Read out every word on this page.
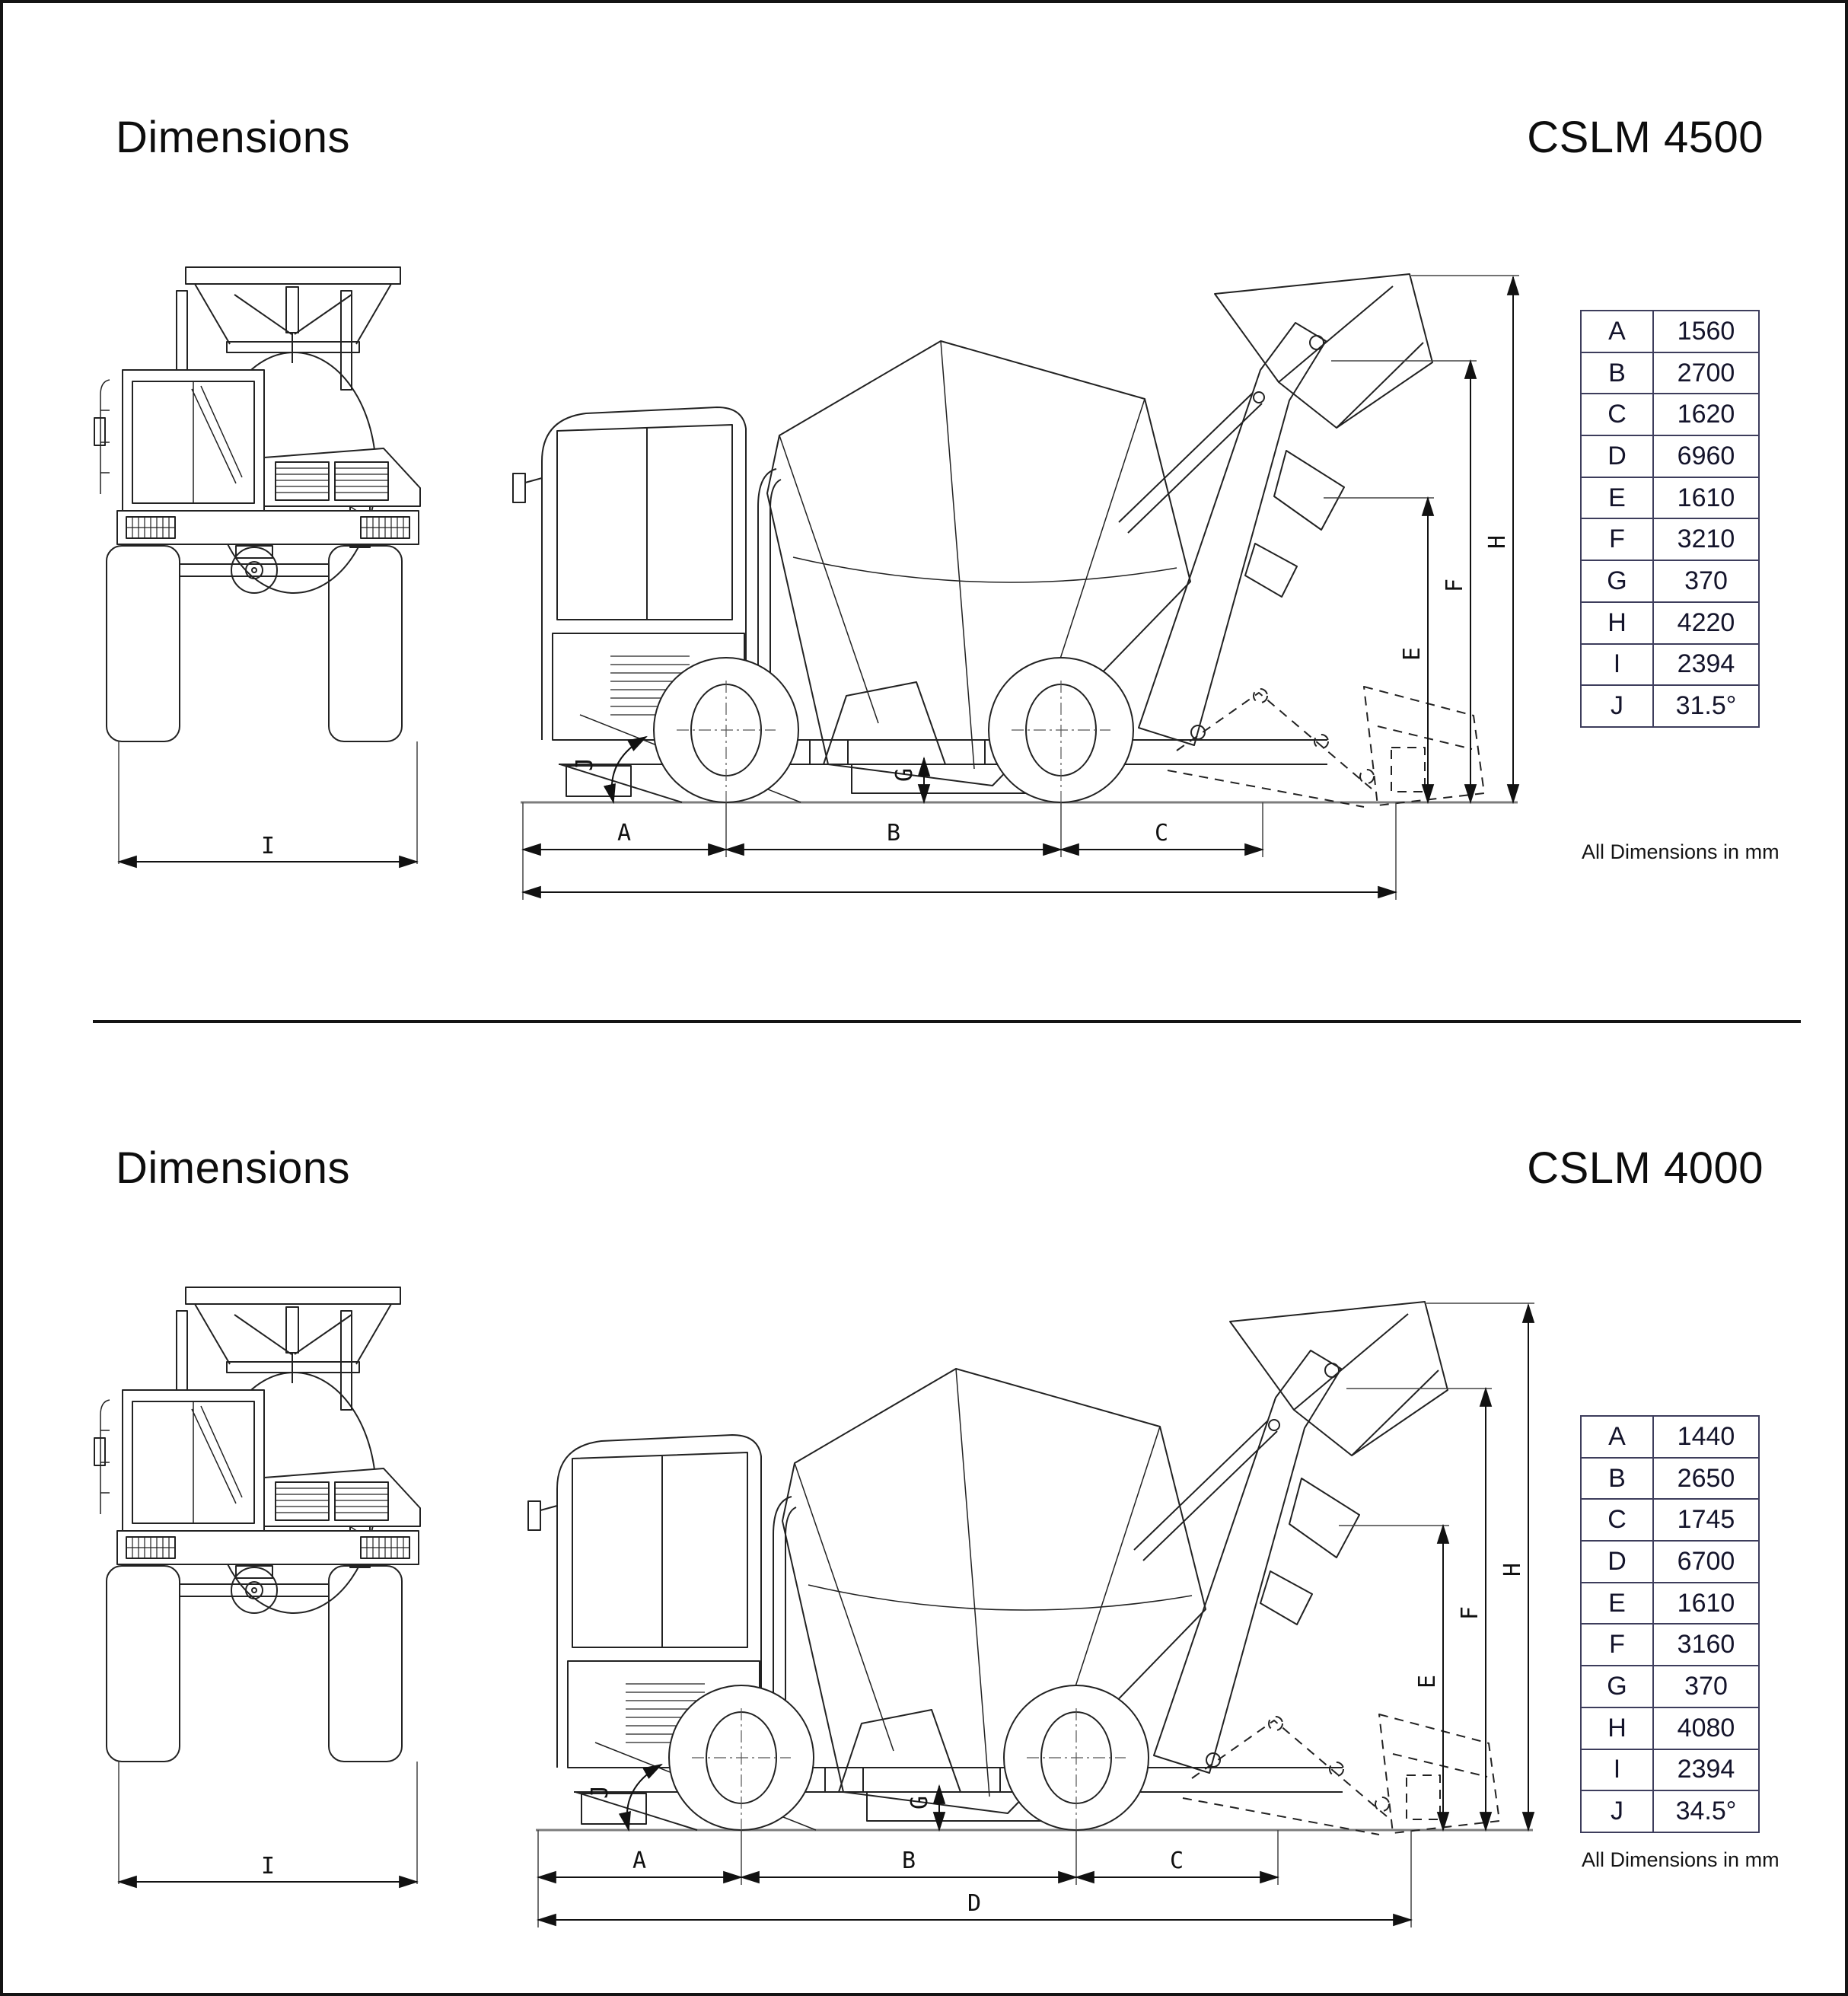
Dimensions	CSLM 4500
Dimensions	CSLM 4000
I	A	B	C
E
F
H
G
J
I	A	B	C
D
E
F
H
G
J
A	1560
B	2700
C	1620
D	6960
E	1610
F	3210
G	370
H	4220
I	2394
J	31.5°
All Dimensions in mm
A	1440
B	2650
C	1745
D	6700
E	1610
F	3160
G	370
H	4080
I	2394
J	34.5°
All Dimensions in mm
